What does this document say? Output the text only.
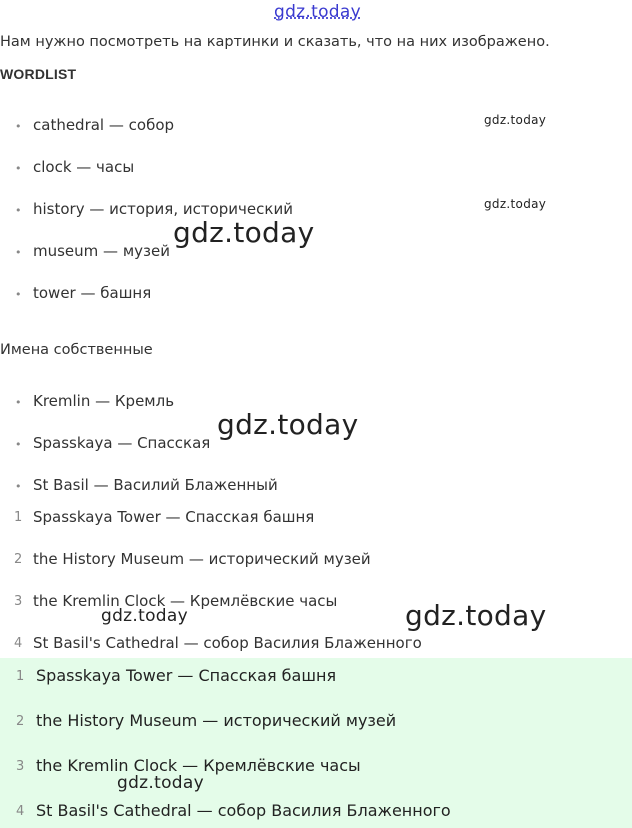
gdz.today
Нам нужно посмотреть на картинки и сказать, что на них изображено.
WORDLIST
• cathedral — собор
• clock — часы
• history — история, исторический
• museum — музей
• tower — башня
Имена собственные
• Kremlin — Кремль
• Spasskaya — Спасская
• St Basil — Василий Блаженный
1 Spasskaya Tower — Спасская башня
2 the History Museum — исторический музей
3 the Kremlin Clock — Кремлёвские часы
4 St Basil's Cathedral — собор Василия Блаженного
1 Spasskaya Tower — Спасская башня
2 the History Museum — исторический музей
3 the Kremlin Clock — Кремлёвские часы
4 St Basil's Cathedral — собор Василия Блаженного
gdz.today
gdz.today
gdz.today
gdz.today
gdz.today	gdz.today
gdz.today
